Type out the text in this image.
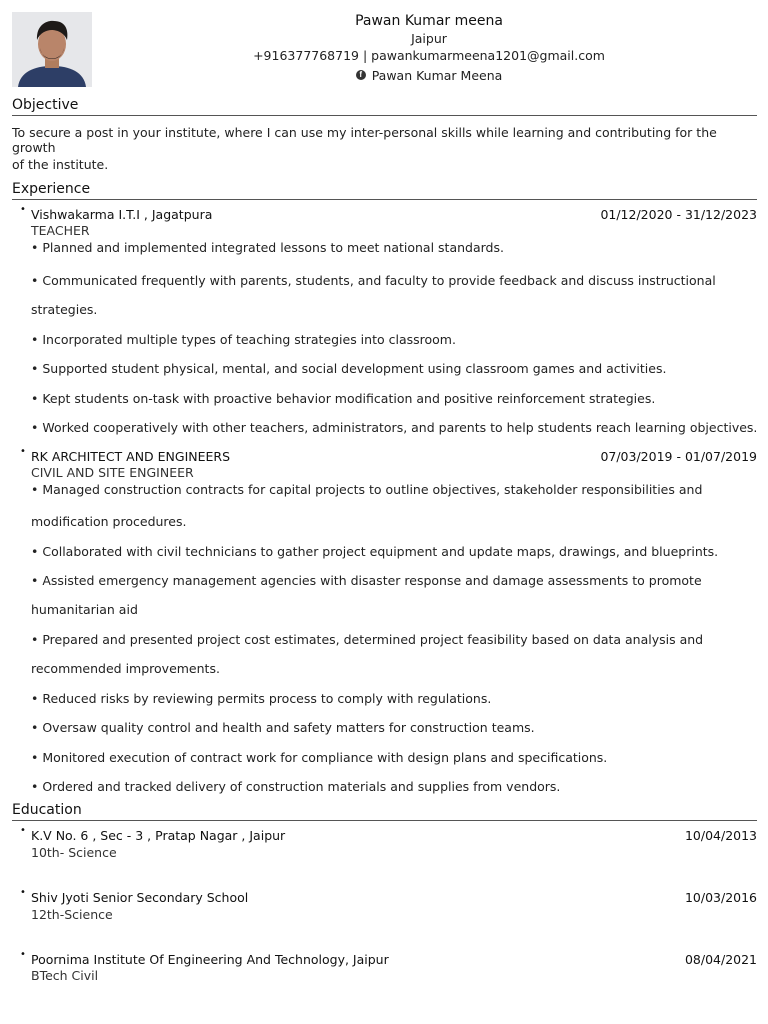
Pawan Kumar meena
Jaipur
+916377768719 | pawankumarmeena1201@gmail.com
f Pawan Kumar Meena
Objective
To secure a post in your institute, where I can use my inter-personal skills while learning and contributing for the growth
of the institute.
Experience
• Vishwakarma I.T.I , Jagatpura	01/12/2020 - 31/12/2023
TEACHER
• Planned and implemented integrated lessons to meet national standards.
• Communicated frequently with parents, students, and faculty to provide feedback and discuss instructional
strategies.
• Incorporated multiple types of teaching strategies into classroom.
• Supported student physical, mental, and social development using classroom games and activities.
• Kept students on-task with proactive behavior modification and positive reinforcement strategies.
• Worked cooperatively with other teachers, administrators, and parents to help students reach learning objectives.
• RK ARCHITECT AND ENGINEERS	07/03/2019 - 01/07/2019
CIVIL AND SITE ENGINEER
• Managed construction contracts for capital projects to outline objectives, stakeholder responsibilities and
modification procedures.
• Collaborated with civil technicians to gather project equipment and update maps, drawings, and blueprints.
• Assisted emergency management agencies with disaster response and damage assessments to promote
humanitarian aid
• Prepared and presented project cost estimates, determined project feasibility based on data analysis and
recommended improvements.
• Reduced risks by reviewing permits process to comply with regulations.
• Oversaw quality control and health and safety matters for construction teams.
• Monitored execution of contract work for compliance with design plans and specifications.
• Ordered and tracked delivery of construction materials and supplies from vendors.
Education
• K.V No. 6 , Sec - 3 , Pratap Nagar , Jaipur	10/04/2013
10th- Science
• Shiv Jyoti Senior Secondary School	10/03/2016
12th-Science
• Poornima Institute Of Engineering And Technology, Jaipur	08/04/2021
BTech Civil
